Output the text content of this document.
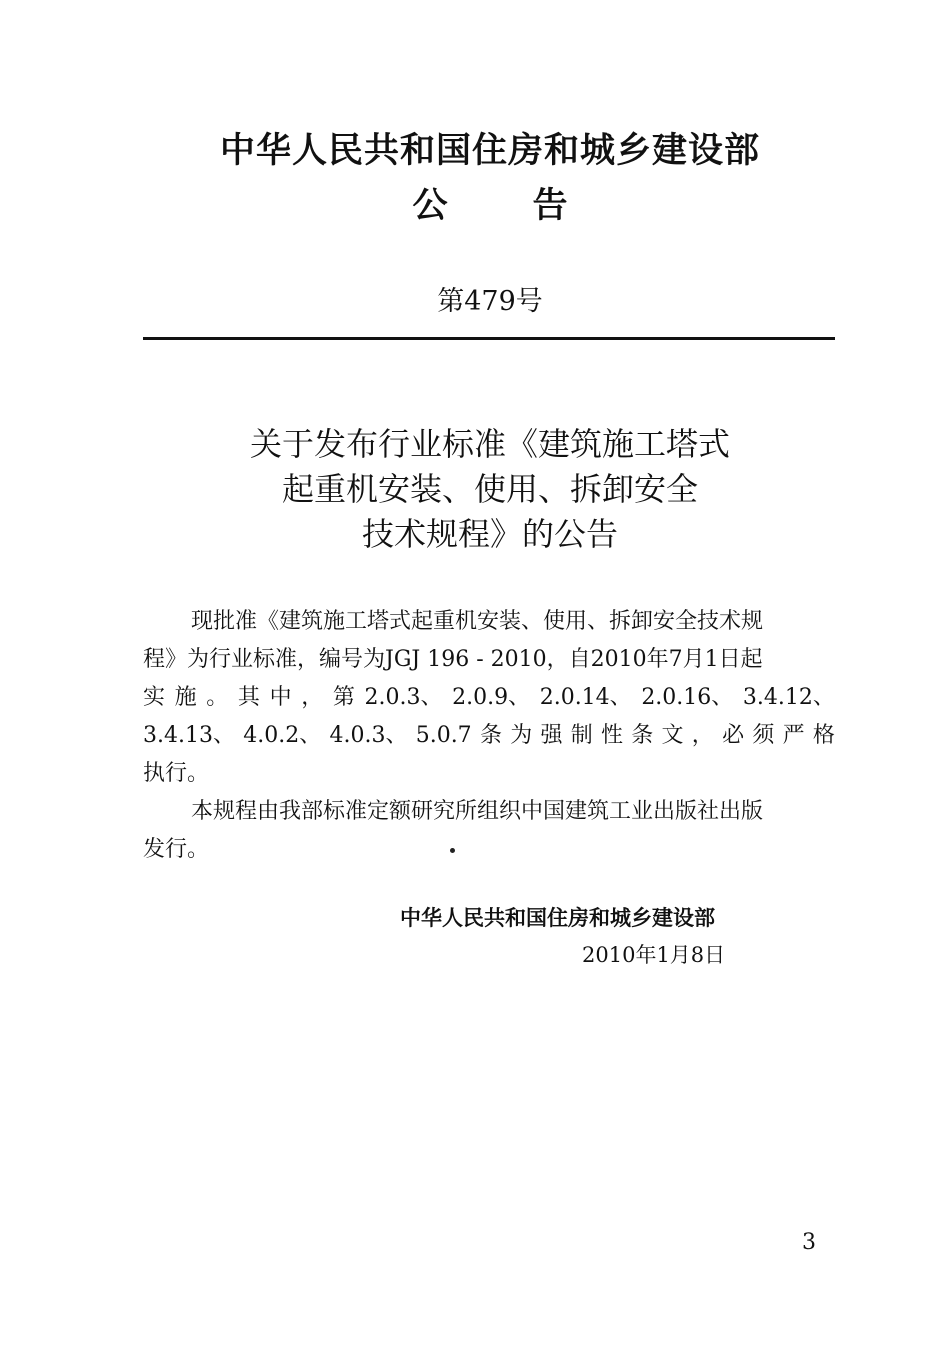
中华人民共和国住房和城乡建设部
公告
第479号
关于发布行业标准《建筑施工塔式
起重机安装、使用、拆卸安全
技术规程》的公告
现批准《建筑施工塔式起重机安装、使用、拆卸安全技术规
程》为行业标准，编号为JGJ 196 - 2010，自2010年7月1日起
实 施 。 其 中 ， 第 2.0.3、 2.0.9、 2.0.14、 2.0.16、 3.4.12、
3.4.13、 4.0.2、 4.0.3、 5.0.7 条 为 强 制 性 条 文 ， 必 须 严 格
执行。
本规程由我部标准定额研究所组织中国建筑工业出版社出版
发行。
中华人民共和国住房和城乡建设部
2010年1月8日
3
